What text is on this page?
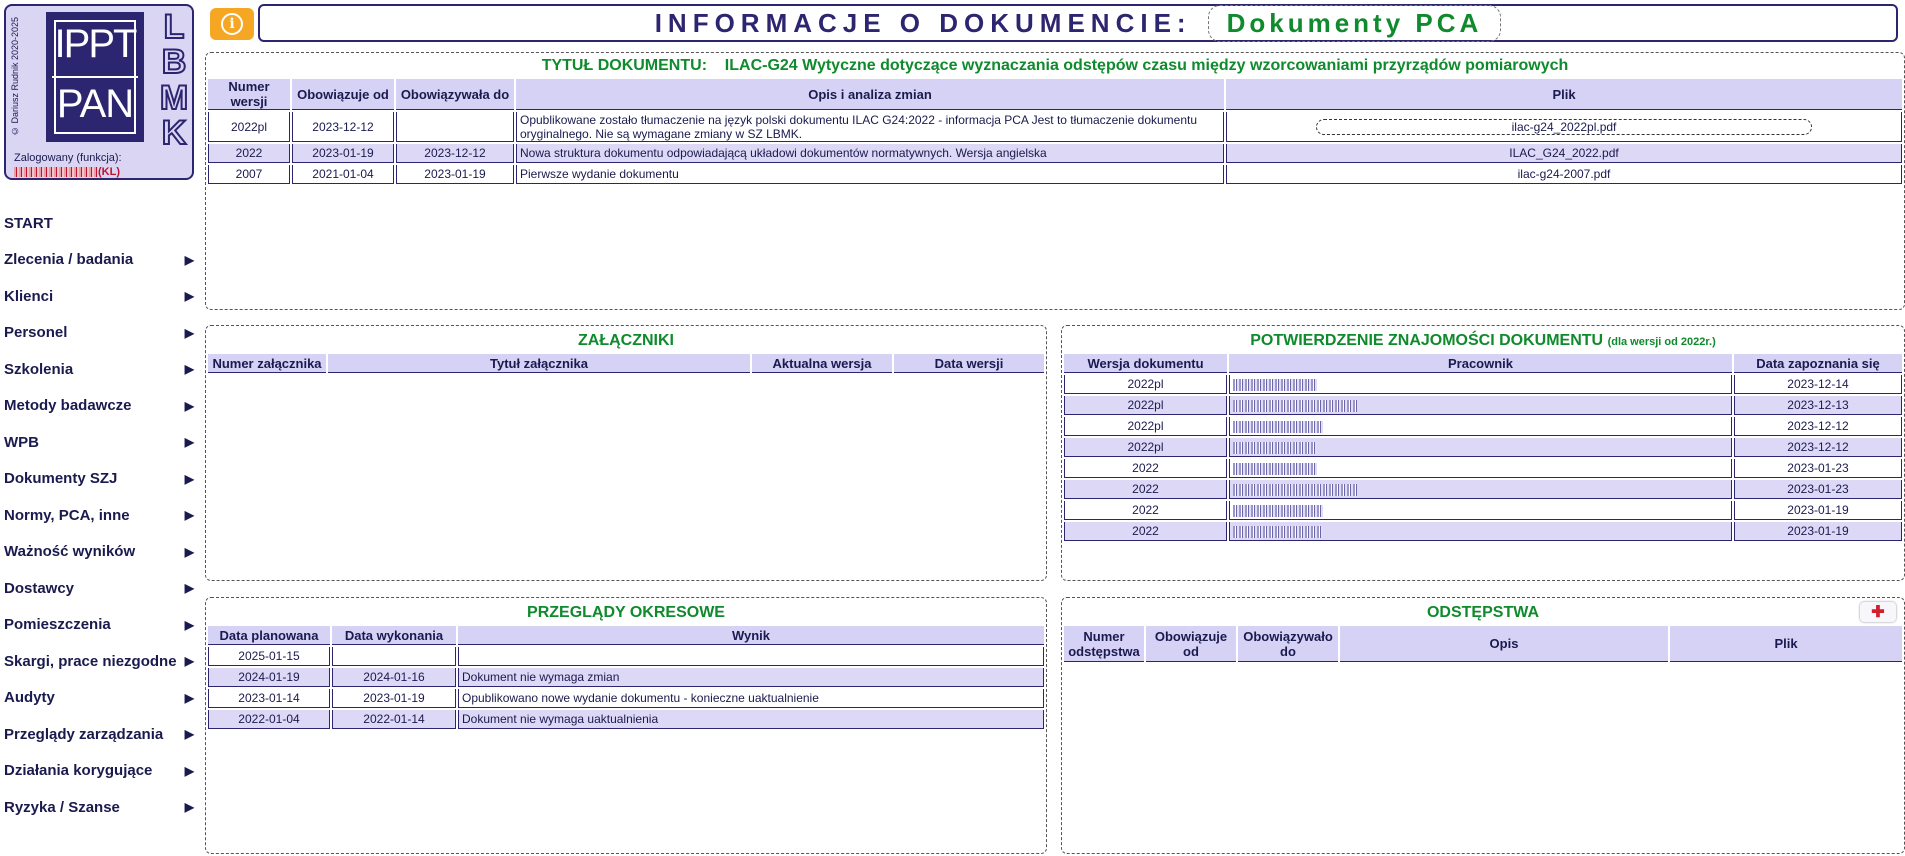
© Dariusz Rudnik 2020-2025 IPPT
PAN
L
B
M
K
Zalogowany (funkcja):
(KL)
START
Zlecenia / badania	▶
Klienci	▶
Personel	▶
Szkolenia	▶
Metody badawcze	▶
WPB	▶
Dokumenty SZJ	▶
Normy, PCA, inne	▶
Ważność wyników	▶
Dostawcy	▶
Pomieszczenia	▶
Skargi, prace niezgodne ▶
Audyty	▶
Przeglądy zarządzania ▶
Działania korygujące	▶
Ryzyka / Szanse	▶
i	INFORMACJE O DOKUMENCIE:	Dokumenty PCA
TYTUŁ DOKUMENTU: ILAC-G24 Wytyczne dotyczące wyznaczania odstępów czasu między wzorcowaniami przyrządów pomiarowych
Numer wersji	Obowiązuje od	Obowiązywała do	Opis i analiza zmian	Plik
2022pl	2023-12-12		Opublikowane zostało tłumaczenie na język polski dokumentu ILAC G24:2022 - informacja PCA Jest to tłumaczenie dokumentu oryginalnego. Nie są wymagane zmiany w SZ LBMK.	ilac-g24_2022pl.pdf

2022	2023-01-19	2023-12-12	Nowa struktura dokumentu odpowiadającą układowi dokumentów normatywnych. Wersja angielska	ILAC_G24_2022.pdf
2007	2021-01-04	2023-01-19	Pierwsze wydanie dokumentu	ilac-g24-2007.pdf
ZAŁĄCZNIKI
Numer załącznika	Tytuł załącznika	Aktualna wersja	Data wersji
POTWIERDZENIE ZNAJOMOŚCI DOKUMENTU (dla wersji od 2022r.)
Wersja dokumentu	Pracownik	Data zapoznania się
2022pl		2023-12-14
2022pl		2023-12-13
2022pl		2023-12-12
2022pl		2023-12-12
2022		2023-01-23
2022		2023-01-23
2022		2023-01-19
2022		2023-01-19
PRZEGLĄDY OKRESOWE
Data planowana	Data wykonania	Wynik
2025-01-15		
2024-01-19	2024-01-16	Dokument nie wymaga zmian
2023-01-14	2023-01-19	Opublikowano nowe wydanie dokumentu - konieczne uaktualnienie
2022-01-04	2022-01-14	Dokument nie wymaga uaktualnienia
✚
ODSTĘPSTWA
Numer odstępstwa	Obowiązuje od	Obowiązywało do	Opis	Plik
